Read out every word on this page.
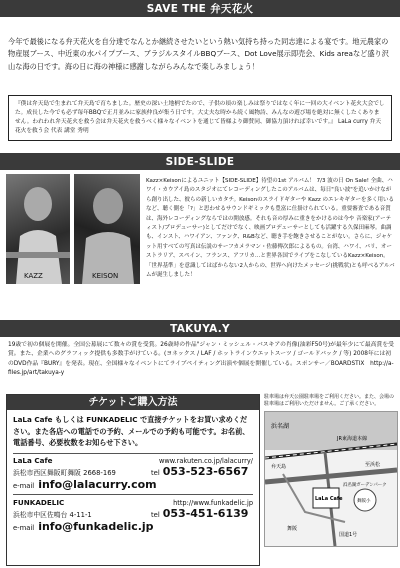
SAVE THE 弁天花火

今年で最後になる弁天花火を自分達でなんとか継続させたいという熱い気持ち持った同志達による宴です。地元農家の物産展ブース、中近東の水パイプブース、ブラジルスタイルBBQブース、Dot Love展示即売会、Kids areaなど盛り沢山な海の日です。海の日に海の神様に感謝しながらみんなで楽しみましょう！

『僕は弁天島で生まれて弁天島で育ちました。歴史の深い土地柄でたので、子供の頃の楽しみは祭りではなく年に一回の大イベント花火大会でした。成長した今でも必ず毎年BBQで正月並みに家族仲良が集う日です。大丈夫な時から続く風物詩、みんなの遊び場を絶対に無くしたくありません。われわれ弁天花火を救う会は弁天花火を救うべく様々なイベントを通じて皆様より御賛同、御協力頂ければ幸いです。』 LaLa curry 弁天花火を救う会 代表 講堂 秀明

SIDE-SLIDE
KAZZ	KEISON

Kazz×Keisonによるユニット【SIDE-SLIDE】待望の1st アルバム！ 7/3 波の日 On Sale! 全曲、ハワイ・カウアイ島のスタジオにてレコーディングしたこのアルバムは、毎日"良い波"を追いかけながら創り出した、彼らの新しいカタチ。Keisonのスライドギターや Kazz のエレキギターを多く用いるなど、聴く側を「?」と思わせるサウンドギミックも豊富に仕掛けられている。重要審査である音質は、海外レコーディングならではの開放感。それも音の厚みに重きをかけるのは今や 音楽家(アーティスト/プロデューサー)としてだけでなく、映画プロデューサーとしても活躍する久保田麻琴。曲調も、インスト、ハワイアン、ファンク、R&Bなど、聴き手を飽きさせることがない。さらに、ジャケット用すべての写真は伝説のサーフカメラマン・佐藤傳次郎によるもの。台湾、ハワイ、バリ、オーストラリア、スペイン、フランス、アフリカ…と世界各国でライブをこなしているKazz×Keison。「世界基準」を意識してはばからない2人からの、世界へ向けたメッセージ(挑戦状)とも呼べるアルバムが誕生しました！

TAKUYA.Y

19歳で初の個展を開催。全国公募展にて数々の賞を受賞。26歳時の作品"ジャン・ミッシェル・バスキアの肖像(油彩F50号)が最年少にて最高賞を受賞。また、企業へのグラフィック提供も多数手がけている。(ヨネックス / LAF / ホットラインウエットスーツ / ゴールドバック / 等) 2008年には初のDVD作品『BURY』を発表。現在、全国様々なイベントにてライブペイティング出演や個展を開催している。スポンサー／BOARDSTIX　http://a-files.jp/art/takuya-y

チケットご購入方法

LaLa Cafe もしくは FUNKADELIC で直接チケットをお買い求めください。また各店への電話での予約、メールでの予約も可能です。お名前、電話番号、必要枚数をお知らせ下さい。

LaLa Cafe	www.rakuten.co.jp/lalacurry/
浜松市西区舞阪町舞阪 2668-169	tel 053-523-6567
e-mail info@lalacurry.com
FUNKADELIC	http://www.funkadelic.jp
浜松市中区佐鳴台 4-11-1	tel 053-451-6139
e-mail info@funkadelic.jp

駐車場は弁天公園駐車場をご利用ください。また、会場の駐車場はご利用いただけません。ご了承ください。

浜名湖
JR東海道本線
弁天島
LaLa Cafe
浜名湖ガーデンパーク
舞阪小
舞阪
国道1号
至浜松
